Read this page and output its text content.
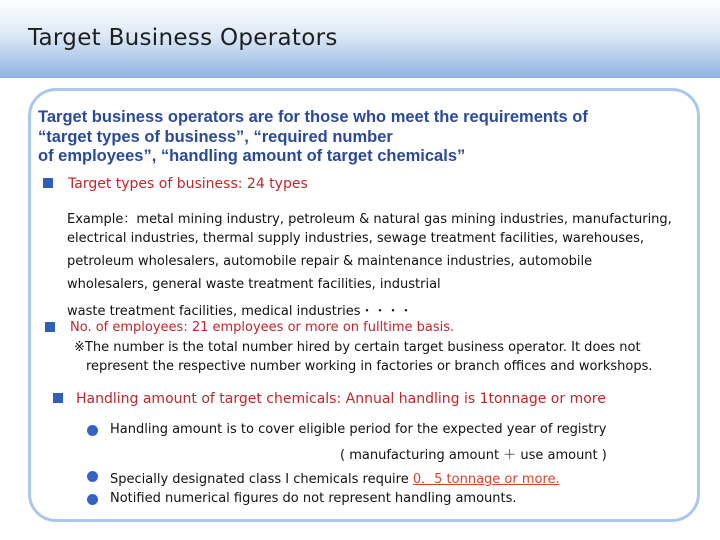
Target Business Operators
Target business operators are for those who meet the requirements of
“target types of business”, “required number
of employees”, “handling amount of target chemicals”
Target types of business: 24 types
Example：metal mining industry, petroleum & natural gas mining industries, manufacturing,
electrical industries, thermal supply industries, sewage treatment facilities, warehouses,
petroleum wholesalers, automobile repair & maintenance industries, automobile
wholesalers, general waste treatment facilities, industrial
waste treatment facilities, medical industries・・・・
No. of employees: 21 employees or more on fulltime basis.
※The number is the total number hired by certain target business operator. It does not
represent the respective number working in factories or branch offices and workshops.
Handling amount of target chemicals: Annual handling is 1tonnage or more
Handling amount is to cover eligible period for the expected year of registry
( manufacturing amount ＋ use amount )
Specially designated class I chemicals require 0．5 tonnage or more.
Notified numerical figures do not represent handling amounts.
